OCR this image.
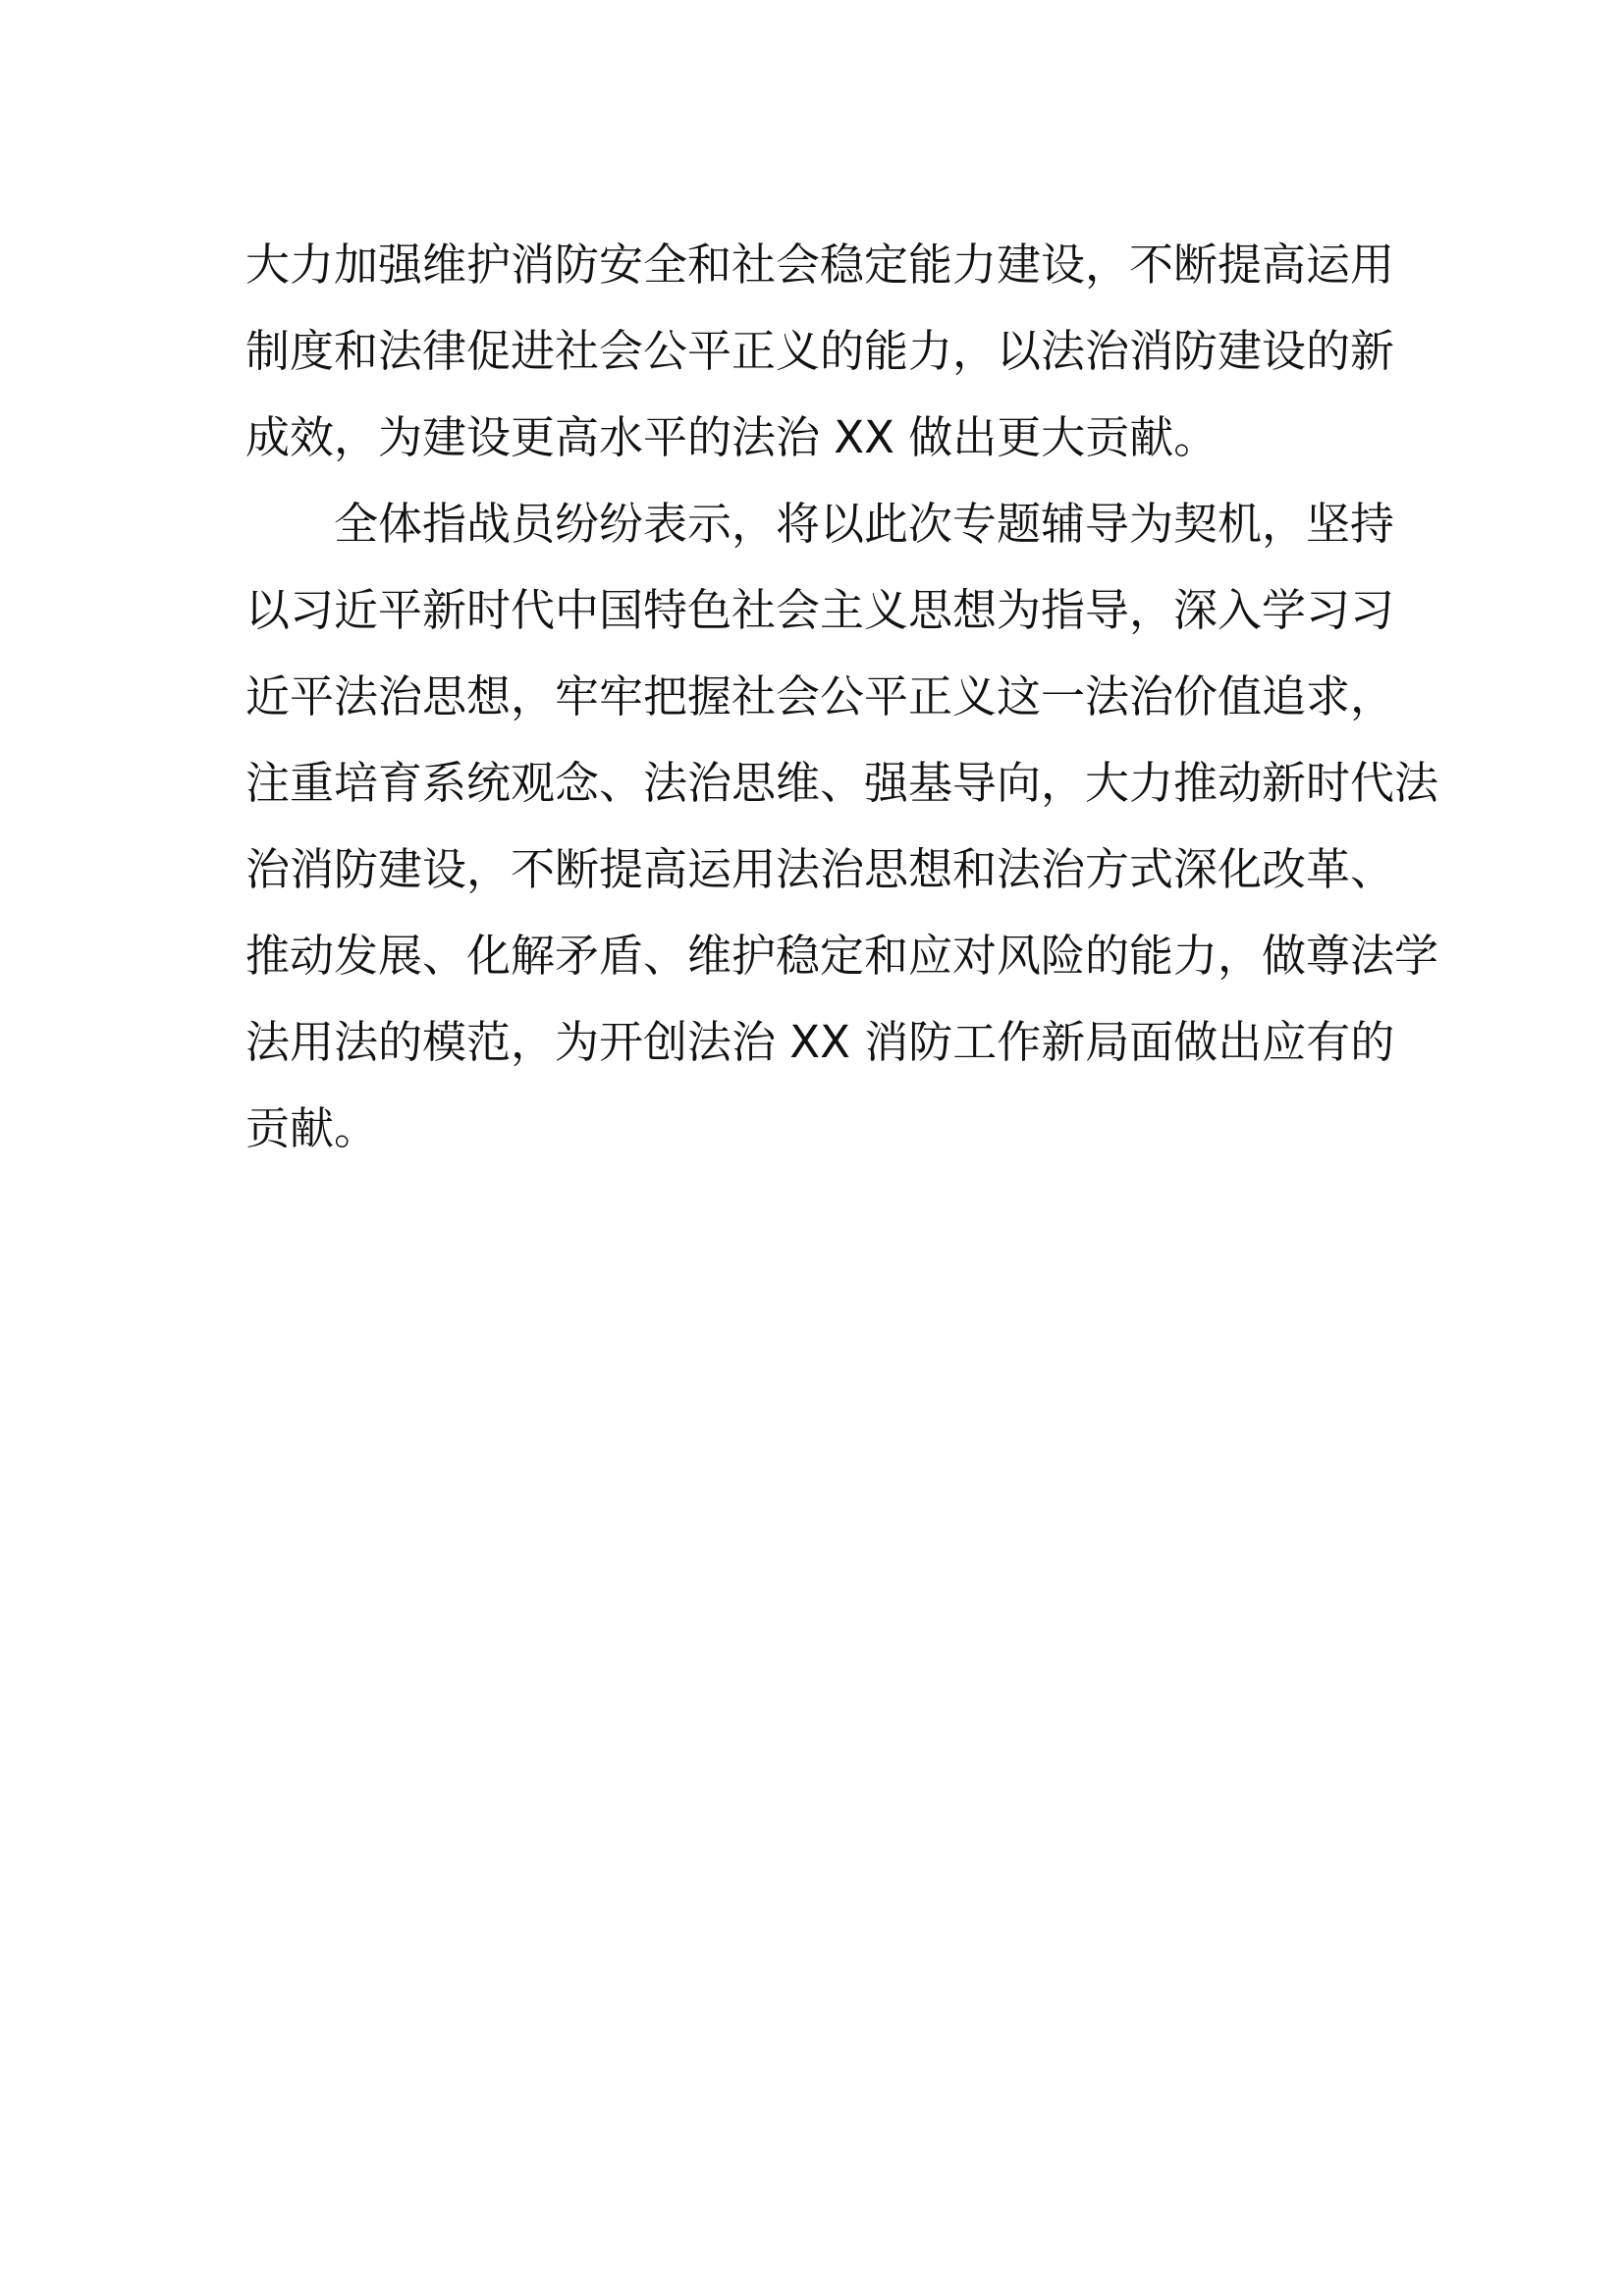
大力加强维护消防安全和社会稳定能力建设，不断提高运用
制度和法律促进社会公平正义的能力，以法治消防建设的新
成效，为建设更高水平的法治 XX 做出更大贡献。
全体指战员纷纷表示，将以此次专题辅导为契机，坚持
以习近平新时代中国特色社会主义思想为指导，深入学习习
近平法治思想，牢牢把握社会公平正义这一法治价值追求，
注重培育系统观念、法治思维、强基导向，大力推动新时代法
治消防建设，不断提高运用法治思想和法治方式深化改革、
推动发展、化解矛盾、维护稳定和应对风险的能力，做尊法学
法用法的模范，为开创法治 XX 消防工作新局面做出应有的
贡献。
